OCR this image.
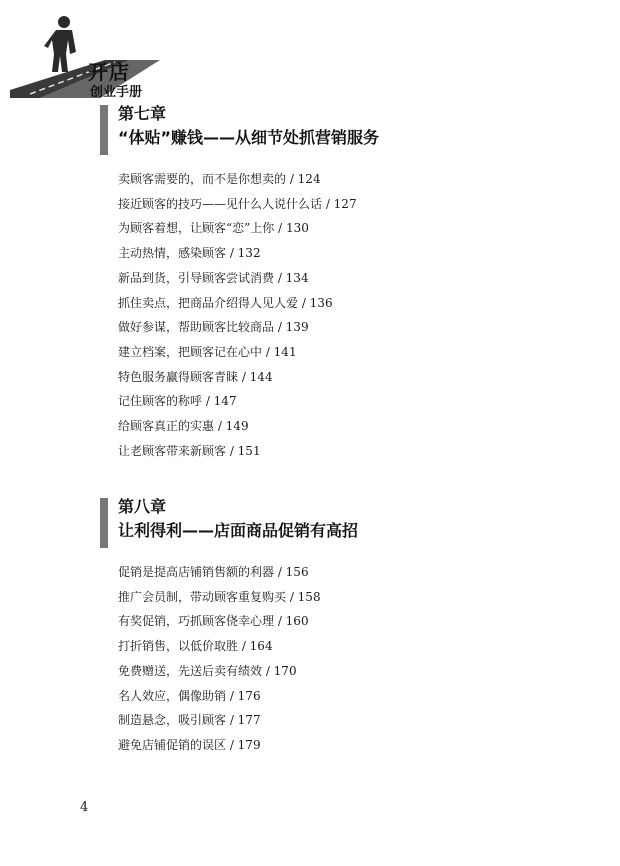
开店
创业手册
第七章
“体贴”赚钱——从细节处抓营销服务
卖顾客需要的，而不是你想卖的 / 124
接近顾客的技巧——见什么人说什么话 / 127
为顾客着想，让顾客“恋”上你 / 130
主动热情，感染顾客 / 132
新品到货，引导顾客尝试消费 / 134
抓住卖点，把商品介绍得人见人爱 / 136
做好参谋，帮助顾客比较商品 / 139
建立档案，把顾客记在心中 / 141
特色服务赢得顾客青睐 / 144
记住顾客的称呼 / 147
给顾客真正的实惠 / 149
让老顾客带来新顾客 / 151
第八章
让利得利——店面商品促销有高招
促销是提高店铺销售额的利器 / 156
推广会员制，带动顾客重复购买 / 158
有奖促销，巧抓顾客侥幸心理 / 160
打折销售，以低价取胜 / 164
免费赠送，先送后卖有绩效 / 170
名人效应，偶像助销 / 176
制造悬念，吸引顾客 / 177
避免店铺促销的误区 / 179
4
